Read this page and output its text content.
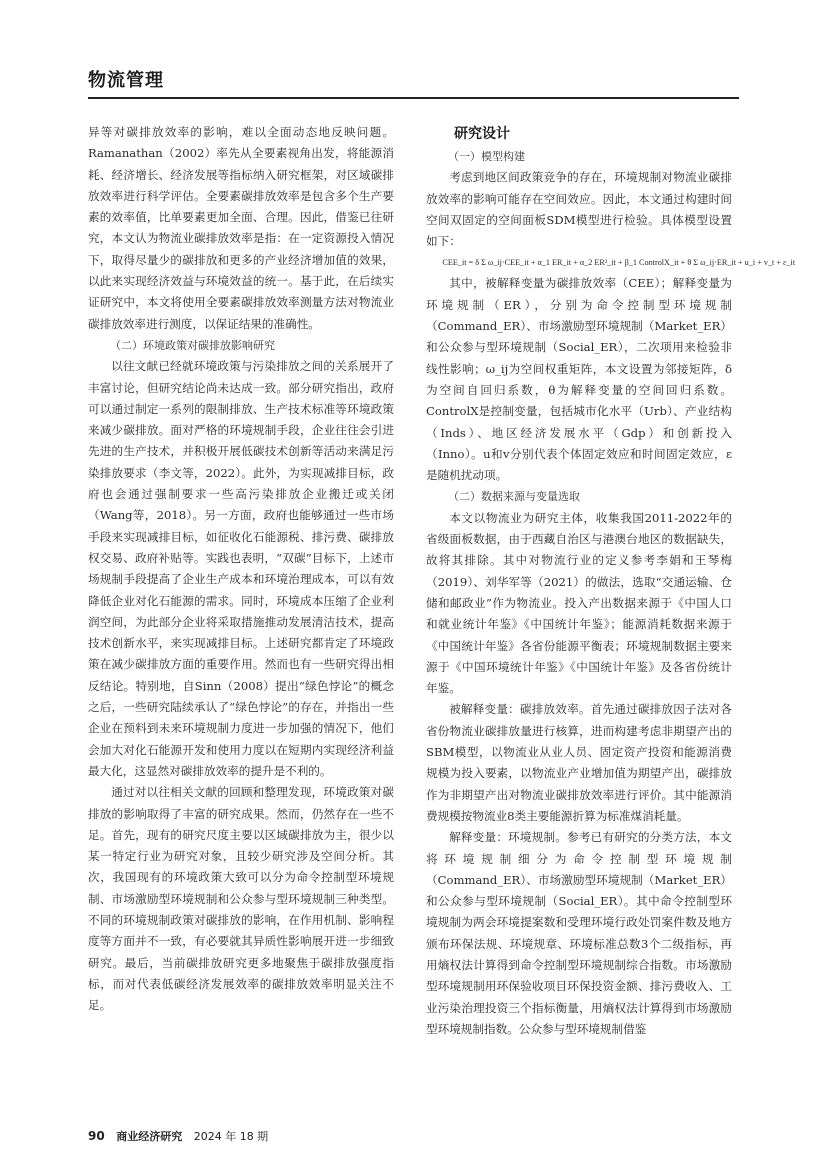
物流管理

异等对碳排放效率的影响，难以全面动态地反映问题。Ramanathan（2002）率先从全要素视角出发，将能源消耗、经济增长、经济发展等指标纳入研究框架，对区域碳排放效率进行科学评估。全要素碳排放效率是包含多个生产要素的效率值，比单要素更加全面、合理。因此，借鉴已往研究，本文认为物流业碳排放效率是指：在一定资源投入情况下，取得尽量少的碳排放和更多的产业经济增加值的效果，以此来实现经济效益与环境效益的统一。基于此，在后续实证研究中，本文将使用全要素碳排放效率测量方法对物流业碳排放效率进行测度，以保证结果的准确性。

（二）环境政策对碳排放影响研究

以往文献已经就环境政策与污染排放之间的关系展开了丰富讨论，但研究结论尚未达成一致。部分研究指出，政府可以通过制定一系列的限制排放、生产技术标准等环境政策来减少碳排放。面对严格的环境规制手段，企业往往会引进先进的生产技术，并积极开展低碳技术创新等活动来满足污染排放要求（李文等，2022）。此外，为实现减排目标，政府也会通过强制要求一些高污染排放企业搬迁或关闭（Wang等，2018）。另一方面，政府也能够通过一些市场手段来实现减排目标，如征收化石能源税、排污费、碳排放权交易、政府补贴等。实践也表明，“双碳”目标下，上述市场规制手段提高了企业生产成本和环境治理成本，可以有效降低企业对化石能源的需求。同时，环境成本压缩了企业利润空间，为此部分企业将采取措施推动发展清洁技术，提高技术创新水平，来实现减排目标。上述研究都肯定了环境政策在减少碳排放方面的重要作用。然而也有一些研究得出相反结论。特别地，自Sinn（2008）提出“绿色悖论”的概念之后，一些研究陆续承认了“绿色悖论”的存在，并指出一些企业在预料到未来环境规制力度进一步加强的情况下，他们会加大对化石能源开发和使用力度以在短期内实现经济利益最大化，这显然对碳排放效率的提升是不利的。

通过对以往相关文献的回顾和整理发现，环境政策对碳排放的影响取得了丰富的研究成果。然而，仍然存在一些不足。首先，现有的研究尺度主要以区域碳排放为主，很少以某一特定行业为研究对象，且较少研究涉及空间分析。其次，我国现有的环境政策大致可以分为命令控制型环境规制、市场激励型环境规制和公众参与型环境规制三种类型。不同的环境规制政策对碳排放的影响，在作用机制、影响程度等方面并不一致，有必要就其异质性影响展开进一步细致研究。最后，当前碳排放研究更多地聚焦于碳排放强度指标，而对代表低碳经济发展效率的碳排放效率明显关注不足。

研究设计

（一）模型构建

考虑到地区间政策竞争的存在，环境规制对物流业碳排放效率的影响可能存在空间效应。因此，本文通过构建时间空间双固定的空间面板SDM模型进行检验。具体模型设置如下：

CEE_it = δ Σ ω_ij·CEE_it + α_1 ER_it + α_2 ER²_it + β_1 ControlX_it + θ Σ ω_ij·ER_it + u_i + v_t + ε_it

其中，被解释变量为碳排放效率（CEE）；解释变量为环境规制（ER），分别为命令控制型环境规制（Command_ER）、市场激励型环境规制（Market_ER）和公众参与型环境规制（Social_ER），二次项用来检验非线性影响；ω_ij为空间权重矩阵，本文设置为邻接矩阵，δ为空间自回归系数，θ为解释变量的空间回归系数。ControlX是控制变量，包括城市化水平（Urb）、产业结构（Inds）、地区经济发展水平（Gdp）和创新投入（Inno）。u和v分别代表个体固定效应和时间固定效应，ε是随机扰动项。

（二）数据来源与变量选取

本文以物流业为研究主体，收集我国2011-2022年的省级面板数据，由于西藏自治区与港澳台地区的数据缺失，故将其排除。其中对物流行业的定义参考李娟和王琴梅（2019）、刘华军等（2021）的做法，选取“交通运输、仓储和邮政业”作为物流业。投入产出数据来源于《中国人口和就业统计年鉴》《中国统计年鉴》；能源消耗数据来源于《中国统计年鉴》各省份能源平衡表；环境规制数据主要来源于《中国环境统计年鉴》《中国统计年鉴》及各省份统计年鉴。

被解释变量：碳排放效率。首先通过碳排放因子法对各省份物流业碳排放量进行核算，进而构建考虑非期望产出的SBM模型，以物流业从业人员、固定资产投资和能源消费规模为投入要素，以物流业产业增加值为期望产出，碳排放作为非期望产出对物流业碳排放效率进行评价。其中能源消费规模按物流业8类主要能源折算为标准煤消耗量。

解释变量：环境规制。参考已有研究的分类方法，本文将环境规制细分为命令控制型环境规制（Command_ER）、市场激励型环境规制（Market_ER）和公众参与型环境规制（Social_ER）。其中命令控制型环境规制为两会环境提案数和受理环境行政处罚案件数及地方颁布环保法规、环境规章、环境标准总数3个二级指标，再用熵权法计算得到命令控制型环境规制综合指数。市场激励型环境规制用环保验收项目环保投资金额、排污费收入、工业污染治理投资三个指标衡量，用熵权法计算得到市场激励型环境规制指数。公众参与型环境规制借鉴

90 商业经济研究 2024 年 18 期
